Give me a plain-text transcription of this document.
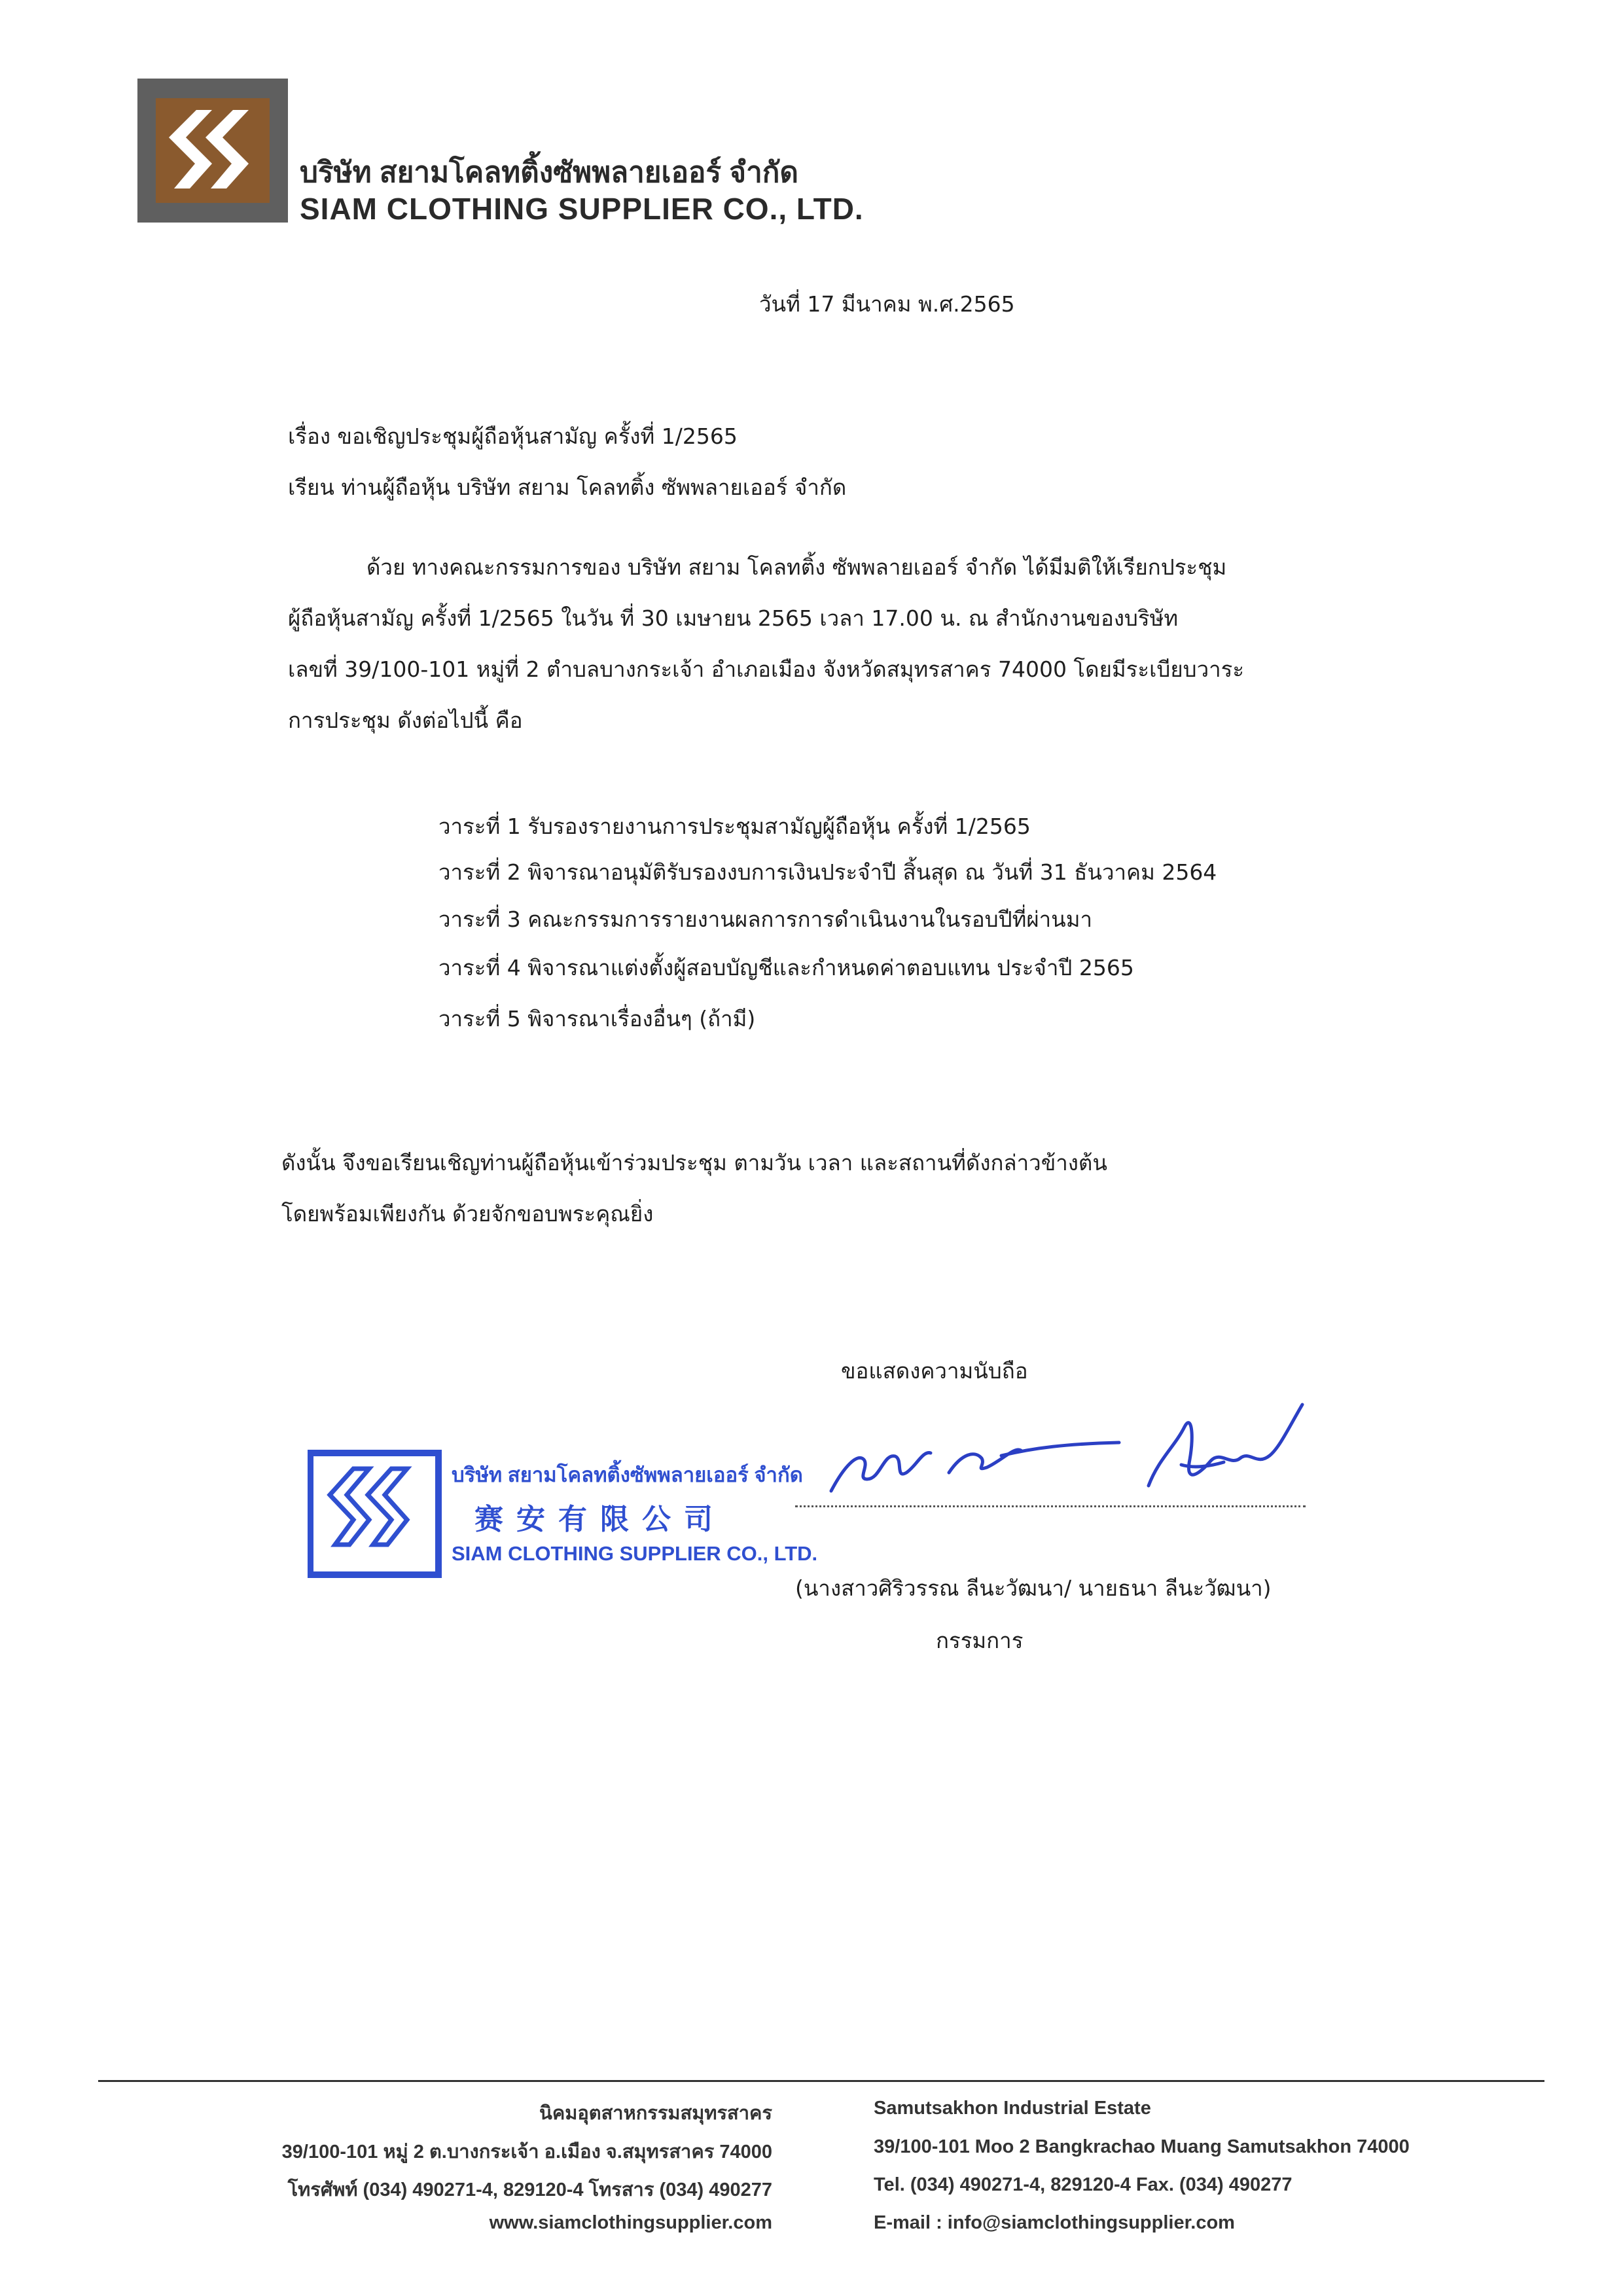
บริษัท สยามโคลทติ้งซัพพลายเออร์ จำกัด
SIAM CLOTHING SUPPLIER CO., LTD.
วันที่ 17 มีนาคม พ.ศ.2565
เรื่อง ขอเชิญประชุมผู้ถือหุ้นสามัญ ครั้งที่ 1/2565
เรียน ท่านผู้ถือหุ้น บริษัท สยาม โคลทติ้ง ซัพพลายเออร์ จำกัด
ด้วย ทางคณะกรรมการของ บริษัท สยาม โคลทติ้ง ซัพพลายเออร์ จำกัด ได้มีมติให้เรียกประชุม
ผู้ถือหุ้นสามัญ ครั้งที่ 1/2565 ในวัน ที่ 30 เมษายน 2565 เวลา 17.00 น. ณ สำนักงานของบริษัท
เลขที่ 39/100-101 หมู่ที่ 2 ตำบลบางกระเจ้า อำเภอเมือง จังหวัดสมุทรสาคร 74000 โดยมีระเบียบวาระ
การประชุม ดังต่อไปนี้ คือ
วาระที่ 1 รับรองรายงานการประชุมสามัญผู้ถือหุ้น ครั้งที่ 1/2565
วาระที่ 2 พิจารณาอนุมัติรับรองงบการเงินประจำปี สิ้นสุด ณ วันที่ 31 ธันวาคม 2564
วาระที่ 3 คณะกรรมการรายงานผลการการดำเนินงานในรอบปีที่ผ่านมา
วาระที่ 4 พิจารณาแต่งตั้งผู้สอบบัญชีและกำหนดค่าตอบแทน ประจำปี 2565
วาระที่ 5 พิจารณาเรื่องอื่นๆ (ถ้ามี)
ดังนั้น จึงขอเรียนเชิญท่านผู้ถือหุ้นเข้าร่วมประชุม ตามวัน เวลา และสถานที่ดังกล่าวข้างต้น
โดยพร้อมเพียงกัน ด้วยจักขอบพระคุณยิ่ง
ขอแสดงความนับถือ
บริษัท สยามโคลทติ้งซัพพลายเออร์ จำกัด
赛安有限公司
SIAM CLOTHING SUPPLIER CO., LTD.
(นางสาวศิริวรรณ ลีนะวัฒนา/ นายธนา ลีนะวัฒนา)
กรรมการ
นิคมอุตสาหกรรมสมุทรสาคร
39/100-101 หมู่ 2 ต.บางกระเจ้า อ.เมือง จ.สมุทรสาคร 74000
โทรศัพท์ (034) 490271-4, 829120-4 โทรสาร (034) 490277
www.siamclothingsupplier.com
Samutsakhon Industrial Estate
39/100-101 Moo 2 Bangkrachao Muang Samutsakhon 74000
Tel. (034) 490271-4, 829120-4 Fax. (034) 490277
E-mail : info@siamclothingsupplier.com
